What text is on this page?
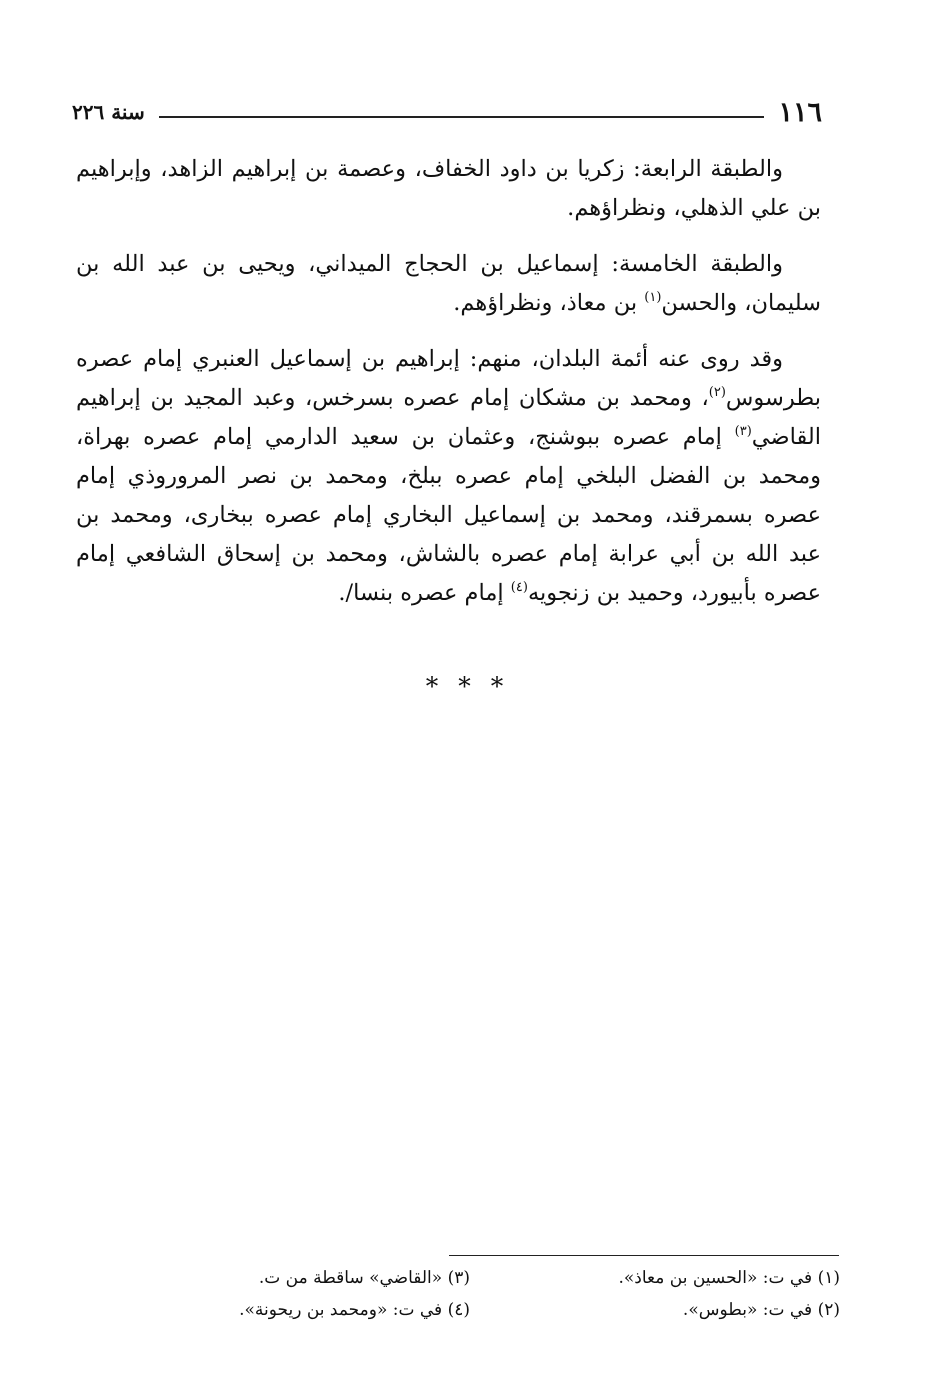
١١٦
سنة ٢٢٦

والطبقة الرابعة: زكريا بن داود الخفاف، وعصمة بن إبراهيم الزاهد، وإبراهيم بن علي الذهلي، ونظراؤهم.

والطبقة الخامسة: إسماعيل بن الحجاج الميداني، ويحيى بن عبد الله بن سليمان، والحسن$^{(١)}$ بن معاذ، ونظراؤهم.

وقد روى عنه أئمة البلدان، منهم: إبراهيم بن إسماعيل العنبري إمام عصره بطرسوس$^{(٢)}$، ومحمد بن مشكان إمام عصره بسرخس، وعبد المجيد بن إبراهيم القاضي$^{(٣)}$ إمام عصره ببوشنج، وعثمان بن سعيد الدارمي إمام عصره بهراة، ومحمد بن الفضل البلخي إمام عصره ببلخ، ومحمد بن نصر المروروذي إمام عصره بسمرقند، ومحمد بن إسماعيل البخاري إمام عصره ببخارى، ومحمد بن عبد الله بن أبي عرابة إمام عصره بالشاش، ومحمد بن إسحاق الشافعي إمام عصره بأبيورد، وحميد بن زنجويه$^{(٤)}$ إمام عصره بنسا/.

* * *
(١) في ت: «الحسين بن معاذ».
(٣) «القاضي» ساقطة من ت.
(٢) في ت: «بطوس».
(٤) في ت: «ومحمد بن ريحونة».
